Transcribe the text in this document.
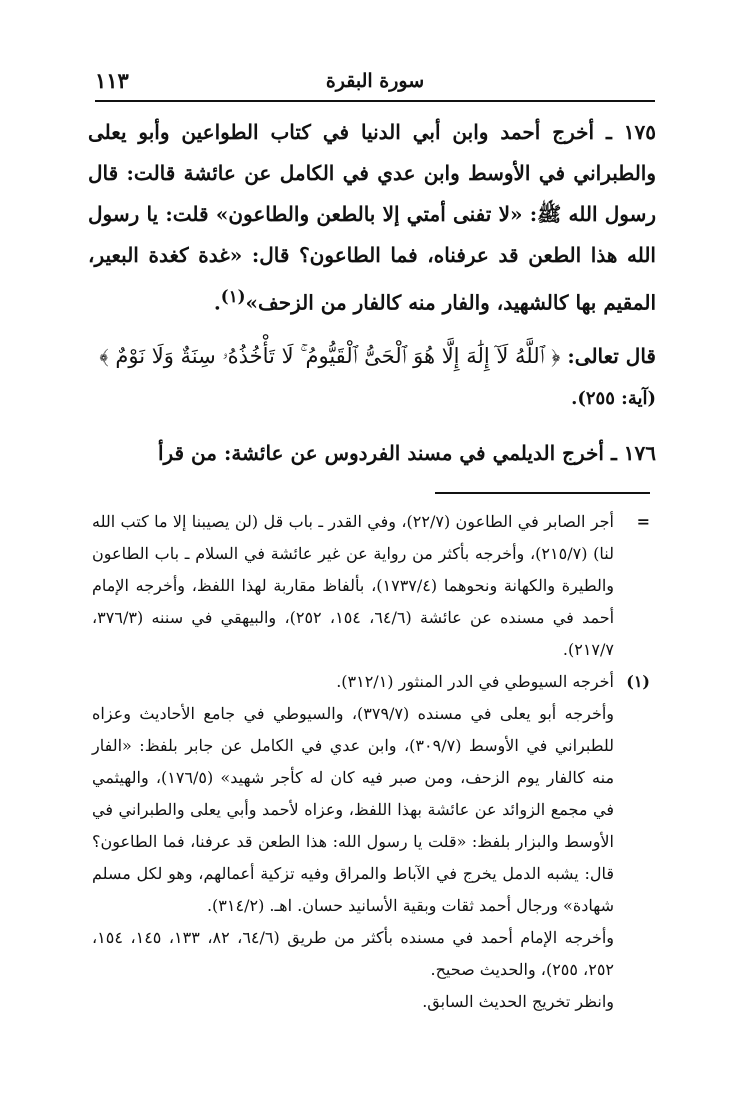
١١٣	سورة البقرة

١٧٥ ـ أخرج أحمد وابن أبي الدنيا في كتاب الطواعين وأبو يعلى والطبراني في الأوسط وابن عدي في الكامل عن عائشة قالت: قال رسول الله ﷺ: «لا تفنى أمتي إلا بالطعن والطاعون» قلت: يا رسول الله هذا الطعن قد عرفناه، فما الطاعون؟ قال: «غدة كغدة البعير، المقيم بها كالشهيد، والفار منه كالفار من الزحف»$^{(١)}$.

قال تعالى: ﴿ ٱللَّهُ لَآ إِلَٰهَ إِلَّا هُوَ ٱلْحَىُّ ٱلْقَيُّومُ ۚ لَا تَأْخُذُهُۥ سِنَةٌ وَلَا نَوْمٌ ﴾

(آية: ٢٥٥).

١٧٦ ـ أخرج الديلمي في مسند الفردوس عن عائشة: من قرأ

=

أجر الصابر في الطاعون (٢٢/٧)، وفي القدر ـ باب قل (لن يصيبنا إلا ما كتب الله لنا) (٢١٥/٧)، وأخرجه بأكثر من رواية عن غير عائشة في السلام ـ باب الطاعون والطيرة والكهانة ونحوهما (١٧٣٧/٤)، بألفاظ مقاربة لهذا اللفظ، وأخرجه الإمام أحمد في مسنده عن عائشة (٦٤/٦، ١٥٤، ٢٥٢)، والبيهقي في سننه (٣٧٦/٣، ٢١٧/٧).

(١)

أخرجه السيوطي في الدر المنثور (٣١٢/١).

وأخرجه أبو يعلى في مسنده (٣٧٩/٧)، والسيوطي في جامع الأحاديث وعزاه للطبراني في الأوسط (٣٠٩/٧)، وابن عدي في الكامل عن جابر بلفظ: «الفار منه كالفار يوم الزحف، ومن صبر فيه كان له كأجر شهيد» (١٧٦/٥)، والهيثمي في مجمع الزوائد عن عائشة بهذا اللفظ، وعزاه لأحمد وأبي يعلى والطبراني في الأوسط والبزار بلفظ: «قلت يا رسول الله: هذا الطعن قد عرفنا، فما الطاعون؟ قال: يشبه الدمل يخرج في الآباط والمراق وفيه تزكية أعمالهم، وهو لكل مسلم شهادة» ورجال أحمد ثقات وبقية الأسانيد حسان. اهـ. (٣١٤/٢).

وأخرجه الإمام أحمد في مسنده بأكثر من طريق (٦٤/٦، ٨٢، ١٣٣، ١٤٥، ١٥٤، ٢٥٢، ٢٥٥)، والحديث صحيح.

وانظر تخريج الحديث السابق.
